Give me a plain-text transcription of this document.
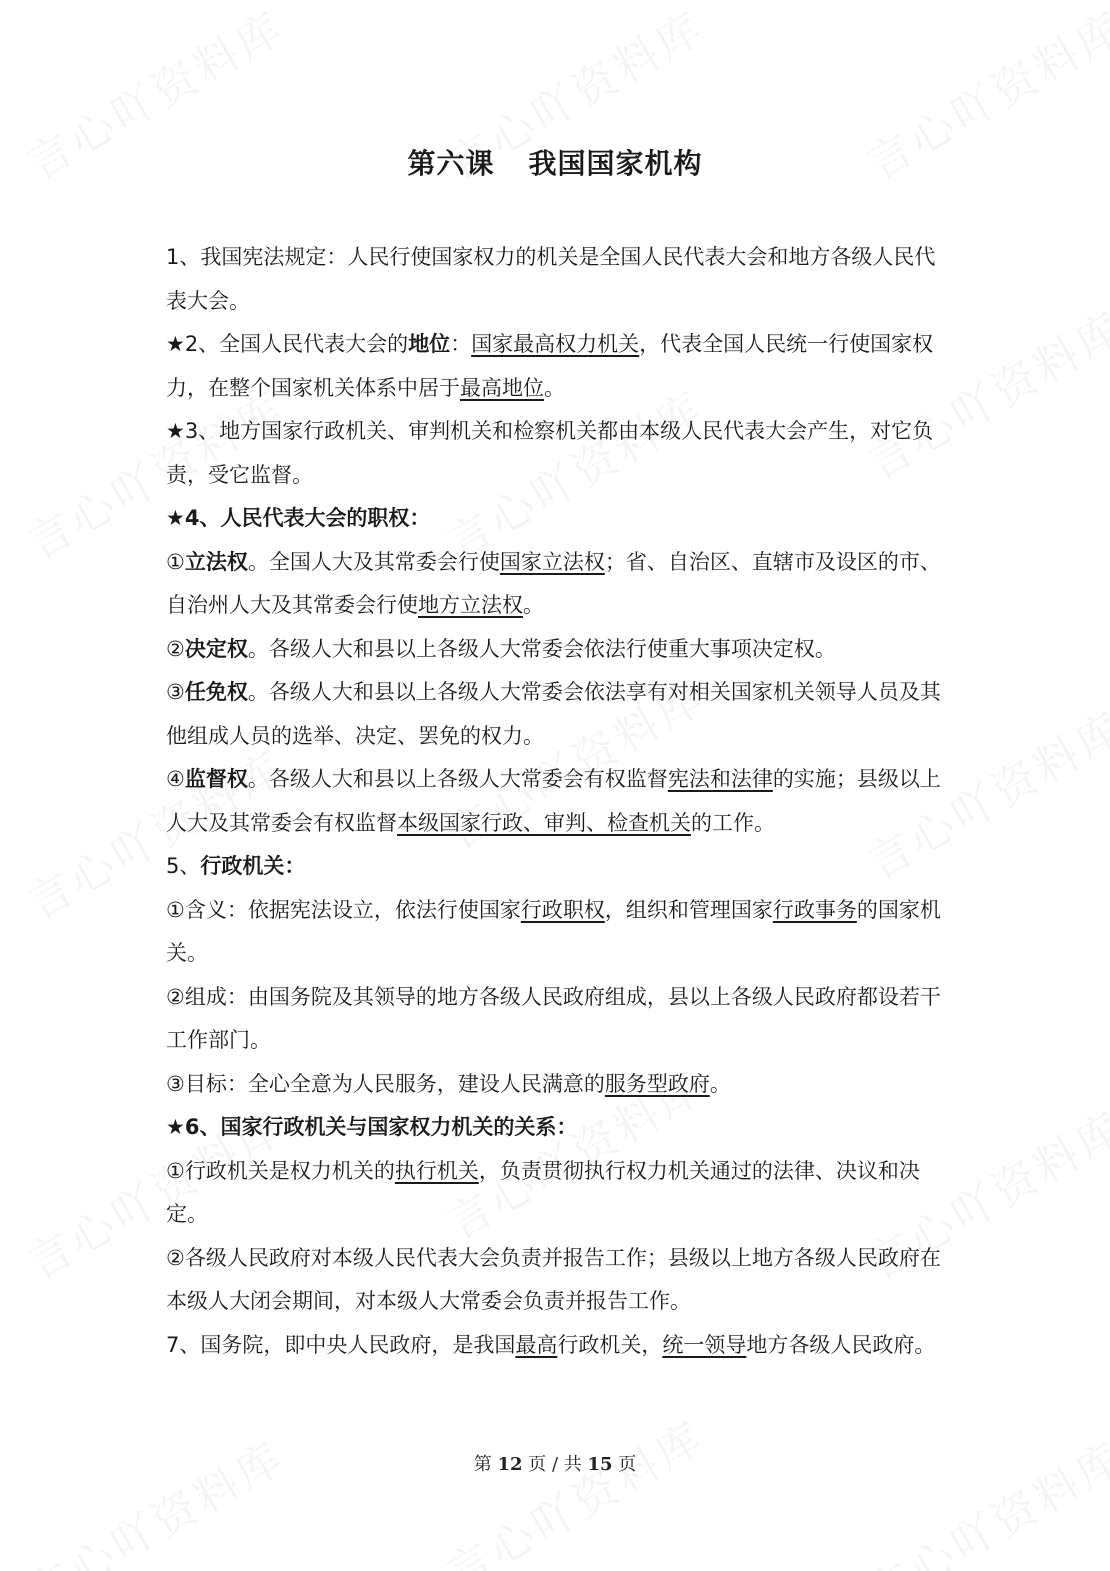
第六课 我国国家机构

1、我国宪法规定：人民行使国家权力的机关是全国人民代表大会和地方各级人民代表大会。

★2、全国人民代表大会的地位：国家最高权力机关，代表全国人民统一行使国家权力，在整个国家机关体系中居于最高地位。

★3、地方国家行政机关、审判机关和检察机关都由本级人民代表大会产生，对它负责，受它监督。

★4、人民代表大会的职权：

①立法权。全国人大及其常委会行使国家立法权；省、自治区、直辖市及设区的市、自治州人大及其常委会行使地方立法权。

②决定权。各级人大和县以上各级人大常委会依法行使重大事项决定权。

③任免权。各级人大和县以上各级人大常委会依法享有对相关国家机关领导人员及其他组成人员的选举、决定、罢免的权力。

④监督权。各级人大和县以上各级人大常委会有权监督宪法和法律的实施；县级以上人大及其常委会有权监督本级国家行政、审判、检查机关的工作。

5、行政机关：

①含义：依据宪法设立，依法行使国家行政职权，组织和管理国家行政事务的国家机关。

②组成：由国务院及其领导的地方各级人民政府组成，县以上各级人民政府都设若干工作部门。

③目标：全心全意为人民服务，建设人民满意的服务型政府。

★6、国家行政机关与国家权力机关的关系：

①行政机关是权力机关的执行机关，负责贯彻执行权力机关通过的法律、决议和决定。

②各级人民政府对本级人民代表大会负责并报告工作；县级以上地方各级人民政府在本级人大闭会期间，对本级人大常委会负责并报告工作。

7、国务院，即中央人民政府，是我国最高行政机关，统一领导地方各级人民政府。

第 12 页 / 共 15 页
